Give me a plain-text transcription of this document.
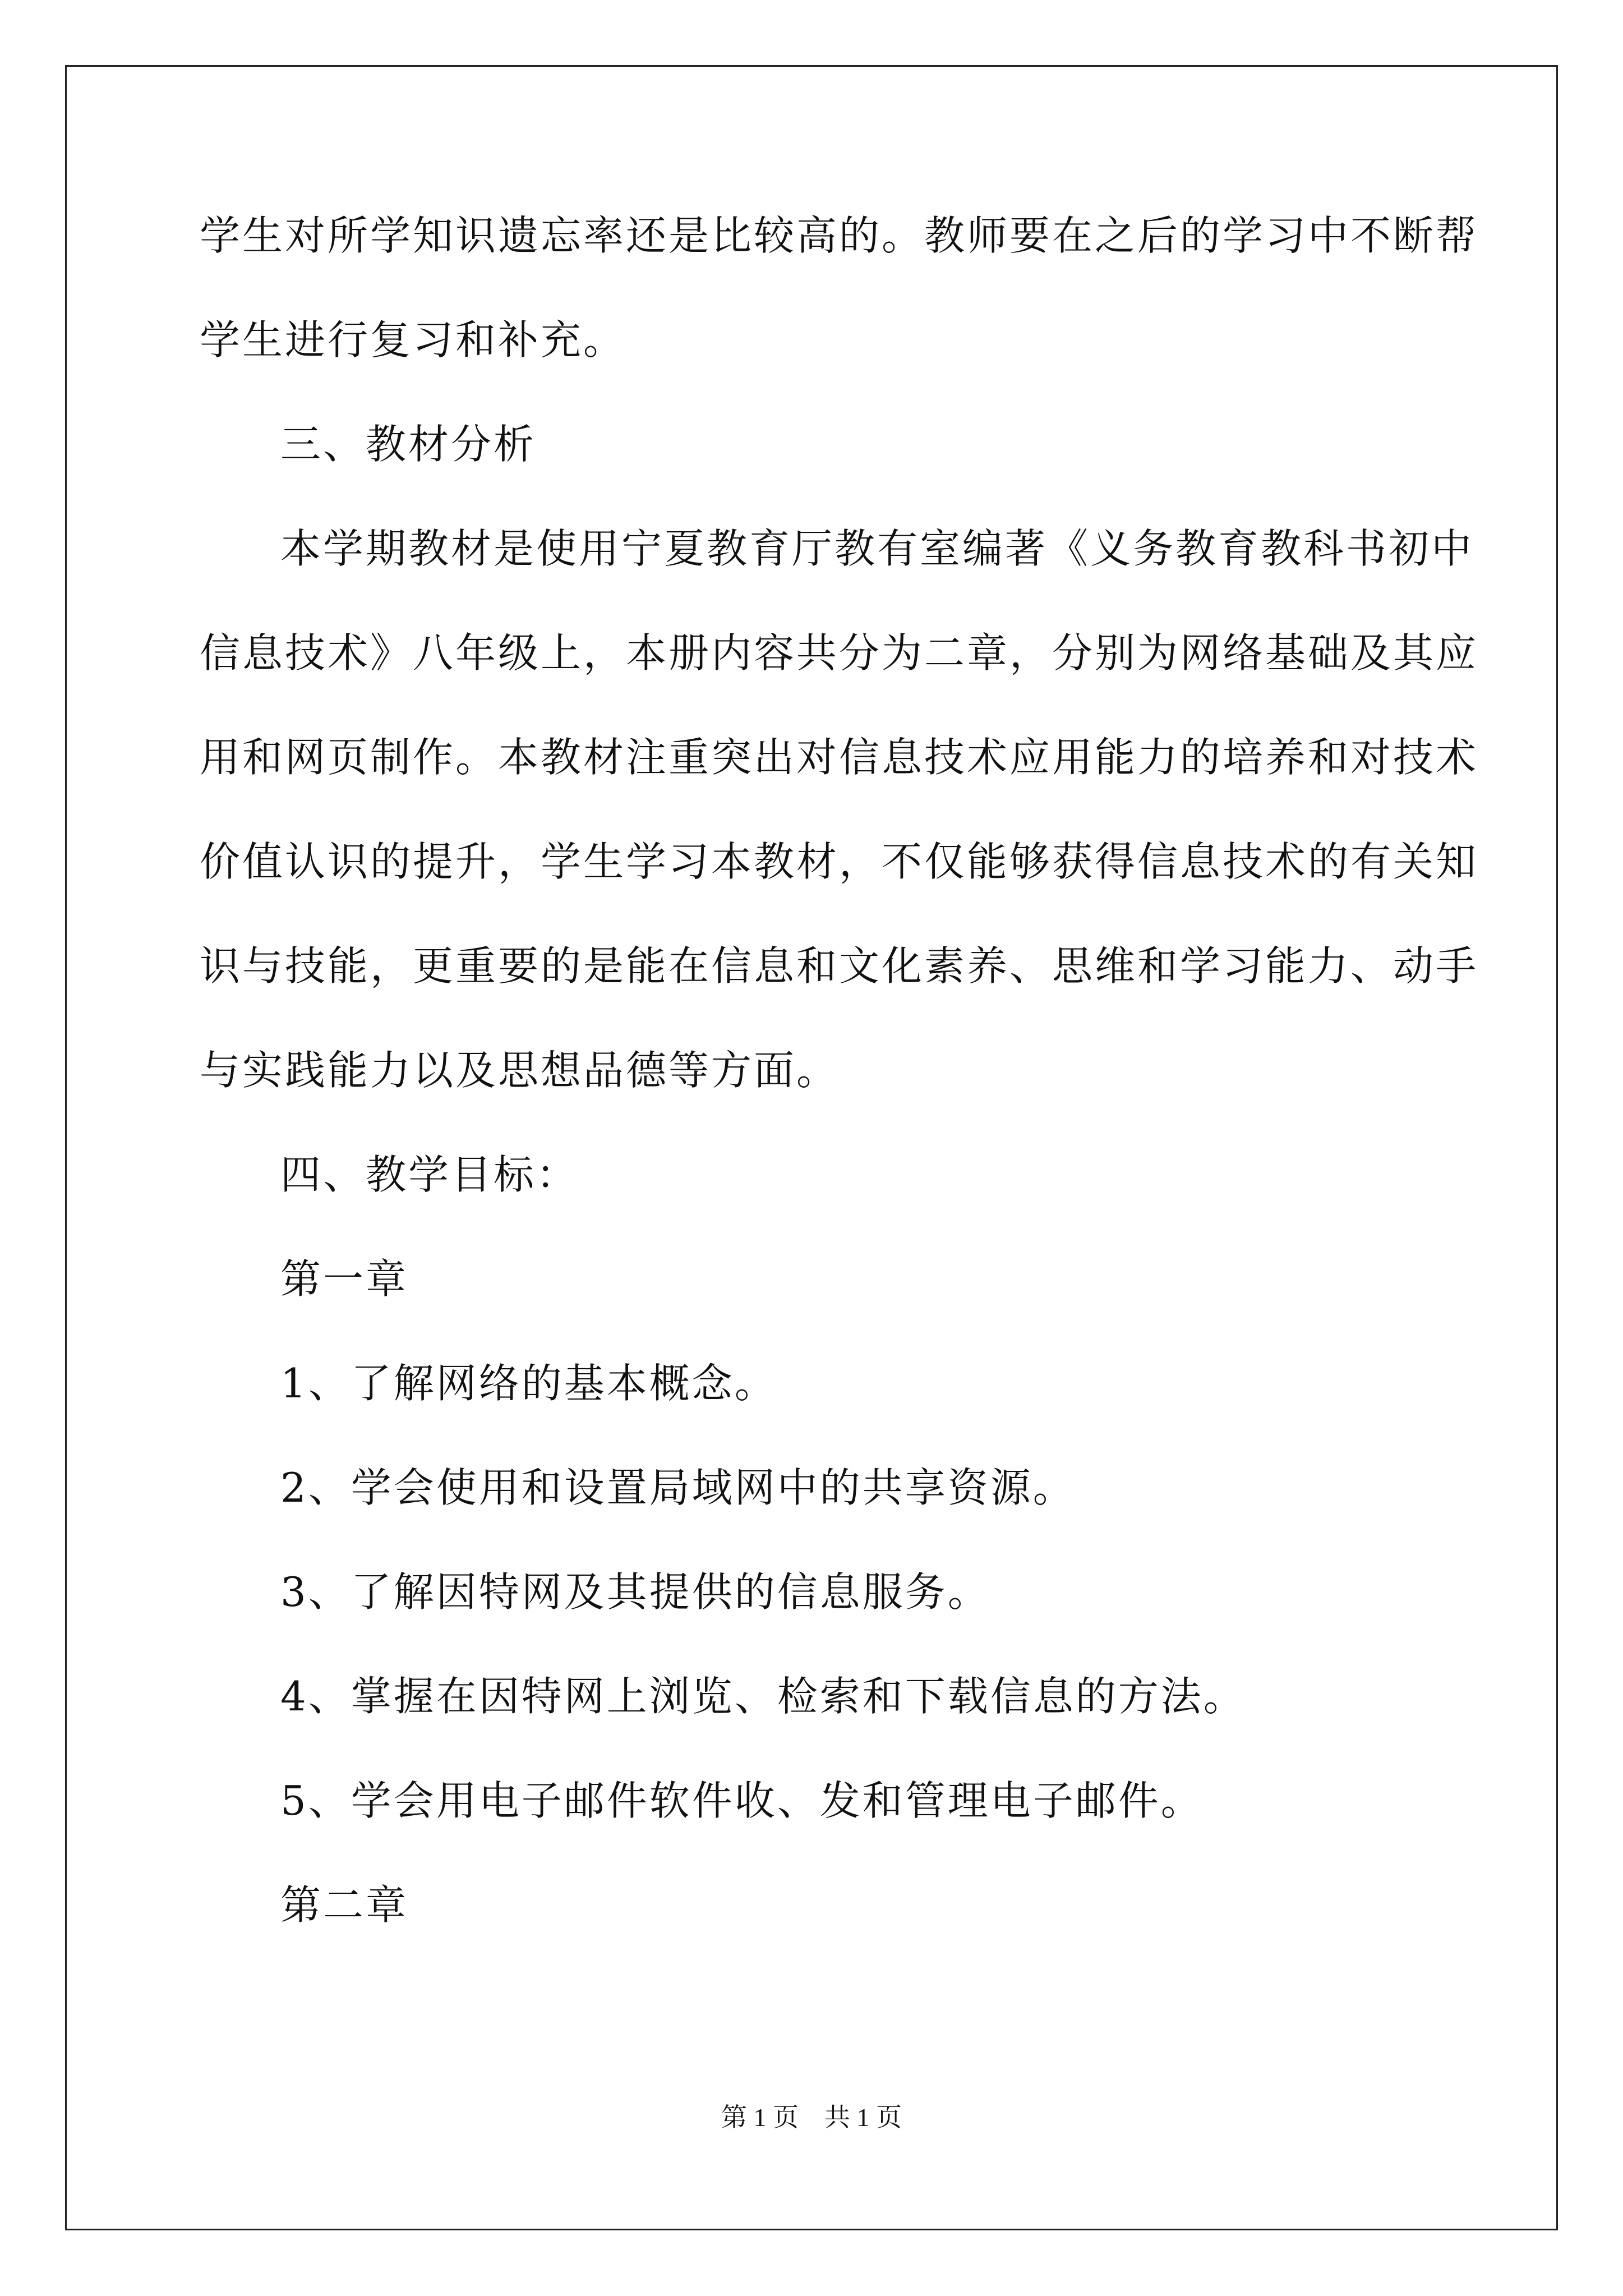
学生对所学知识遗忘率还是比较高的。教师要在之后的学习中不断帮
学生进行复习和补充。
三、教材分析
本学期教材是使用宁夏教育厅教有室编著《义务教育教科书初中
信息技术》八年级上，本册内容共分为二章，分别为网络基础及其应
用和网页制作。本教材注重突出对信息技术应用能力的培养和对技术
价值认识的提升，学生学习本教材，不仅能够获得信息技术的有关知
识与技能，更重要的是能在信息和文化素养、思维和学习能力、动手
与实践能力以及思想品德等方面。
四、教学目标：
第一章
1、了解网络的基本概念。
2、学会使用和设置局域网中的共享资源。
3、了解因特网及其提供的信息服务。
4、掌握在因特网上浏览、检索和下载信息的方法。
5、学会用电子邮件软件收、发和管理电子邮件。
第二章
第 1 页　共 1 页
